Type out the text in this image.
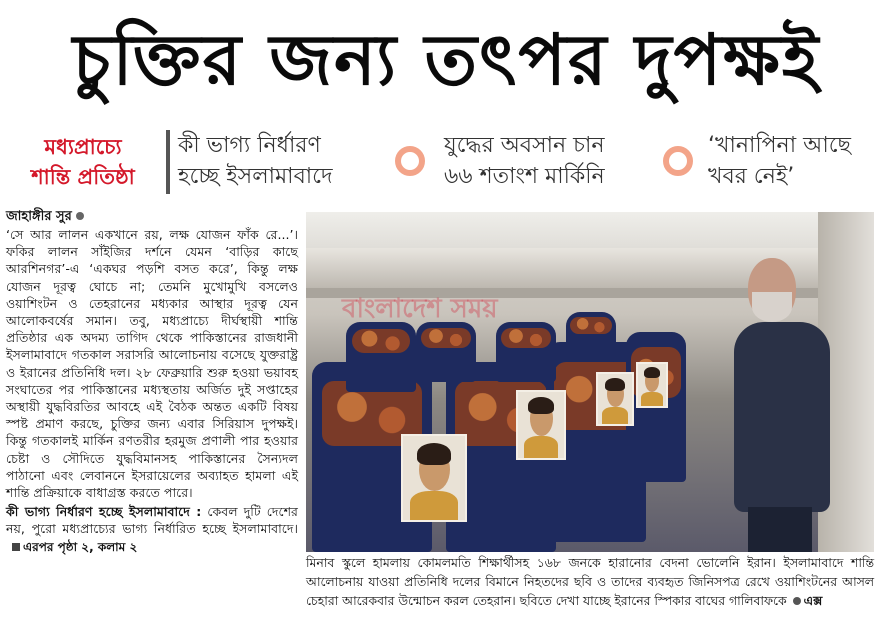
চুক্তির জন্য তৎপর দুপক্ষই
মধ্যপ্রাচ্যে
শান্তি প্রতিষ্ঠা
কী ভাগ্য নির্ধারণ
হচ্ছে ইসলামাবাদে
যুদ্ধের অবসান চান
৬৬ শতাংশ মার্কিনি
‘খানাপিনা আছে
খবর নেই’
জাহাঙ্গীর সুর

‘সে আর লালন একখানে রয়, লক্ষ যোজন ফাঁক রে...’। ফকির লালন সাঁইজির দর্শনে যেমন ‘বাড়ির কাছে আরশিনগর’-এ ‘একঘর পড়শি বসত করে’, কিন্তু লক্ষ যোজন দূরত্ব ঘোচে না; তেমনি মুখোমুখি বসলেও ওয়াশিংটন ও তেহরানের মধ্যকার আস্থার দূরত্ব যেন আলোকবর্ষের সমান। তবু, মধ্যপ্রাচ্যে দীর্ঘস্থায়ী শান্তি প্রতিষ্ঠার এক অদম্য তাগিদ থেকে পাকিস্তানের রাজধানী ইসলামাবাদে গতকাল সরাসরি আলোচনায় বসেছে যুক্তরাষ্ট্র ও ইরানের প্রতিনিধি দল। ২৮ ফেব্রুয়ারি শুরু হওয়া ভয়াবহ সংঘাতের পর পাকিস্তানের মধ্যস্থতায় অর্জিত দুই সপ্তাহের অস্থায়ী যুদ্ধবিরতির আবহে এই বৈঠক অন্তত একটি বিষয় স্পষ্ট প্রমাণ করছে, চুক্তির জন্য এবার সিরিয়াস দুপক্ষই। কিন্তু গতকালই মার্কিন রণতরীর হরমুজ প্রণালী পার হওয়ার চেষ্টা ও সৌদিতে যুদ্ধবিমানসহ পাকিস্তানের সৈন্যদল পাঠানো এবং লেবাননে ইসরায়েলের অব্যাহত হামলা এই শান্তি প্রক্রিয়াকে বাধাগ্রস্ত করতে পারে।

কী ভাগ্য নির্ধারণ হচ্ছে ইসলামাবাদে : কেবল দুটি দেশের নয়, পুরো মধ্যপ্রাচ্যের ভাগ্য নির্ধারিত হচ্ছে ইসলামাবাদে। এরপর পৃষ্ঠা ২, কলাম ২
বাংলাদেশ সময়
মিনাব স্কুলে হামলায় কোমলমতি শিক্ষার্থীসহ ১৬৮ জনকে হারানোর বেদনা ভোলেনি ইরান। ইসলামাবাদে শান্তি আলোচনায় যাওয়া প্রতিনিধি দলের বিমানে নিহতদের ছবি ও তাদের ব্যবহৃত জিনিসপত্র রেখে ওয়াশিংটনের আসল চেহারা আরেকবার উন্মোচন করল তেহরান। ছবিতে দেখা যাচ্ছে ইরানের স্পিকার বাঘের গালিবাফকে এক্স
